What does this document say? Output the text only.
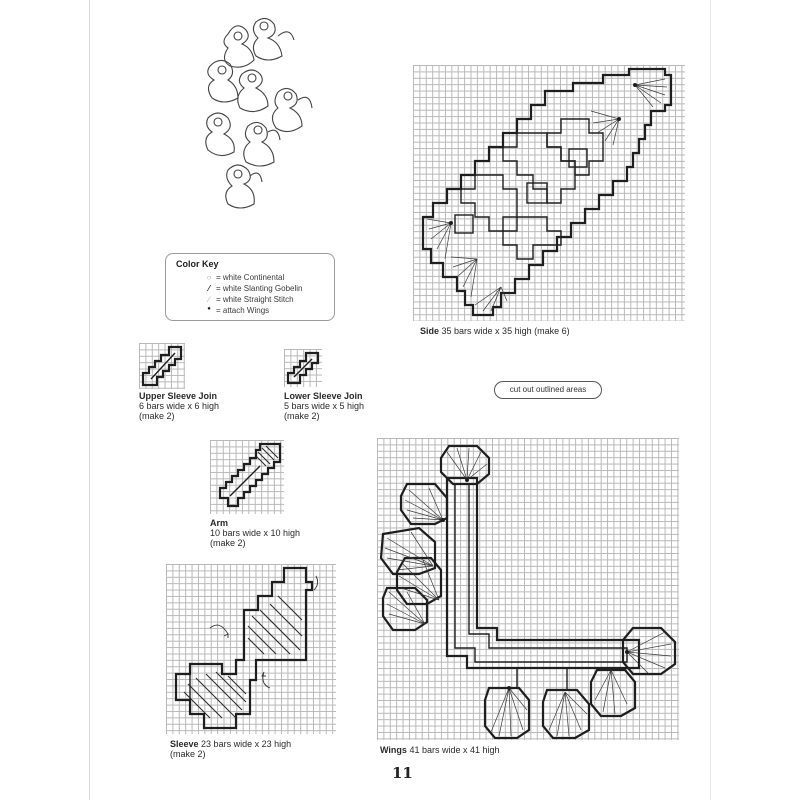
Color Key
○ = white Continental
⁄ = white Slanting Gobelin
∕ = white Straight Stitch
● = attach Wings
Side 35 bars wide x 35 high (make 6)
Upper Sleeve Join
6 bars wide x 6 high
(make 2)
Lower Sleeve Join
5 bars wide x 5 high
(make 2)
cut out outlined areas
Arm
10 bars wide x 10 high
(make 2)
Sleeve 23 bars wide x 23 high
(make 2)	Wings 41 bars wide x 41 high
11
